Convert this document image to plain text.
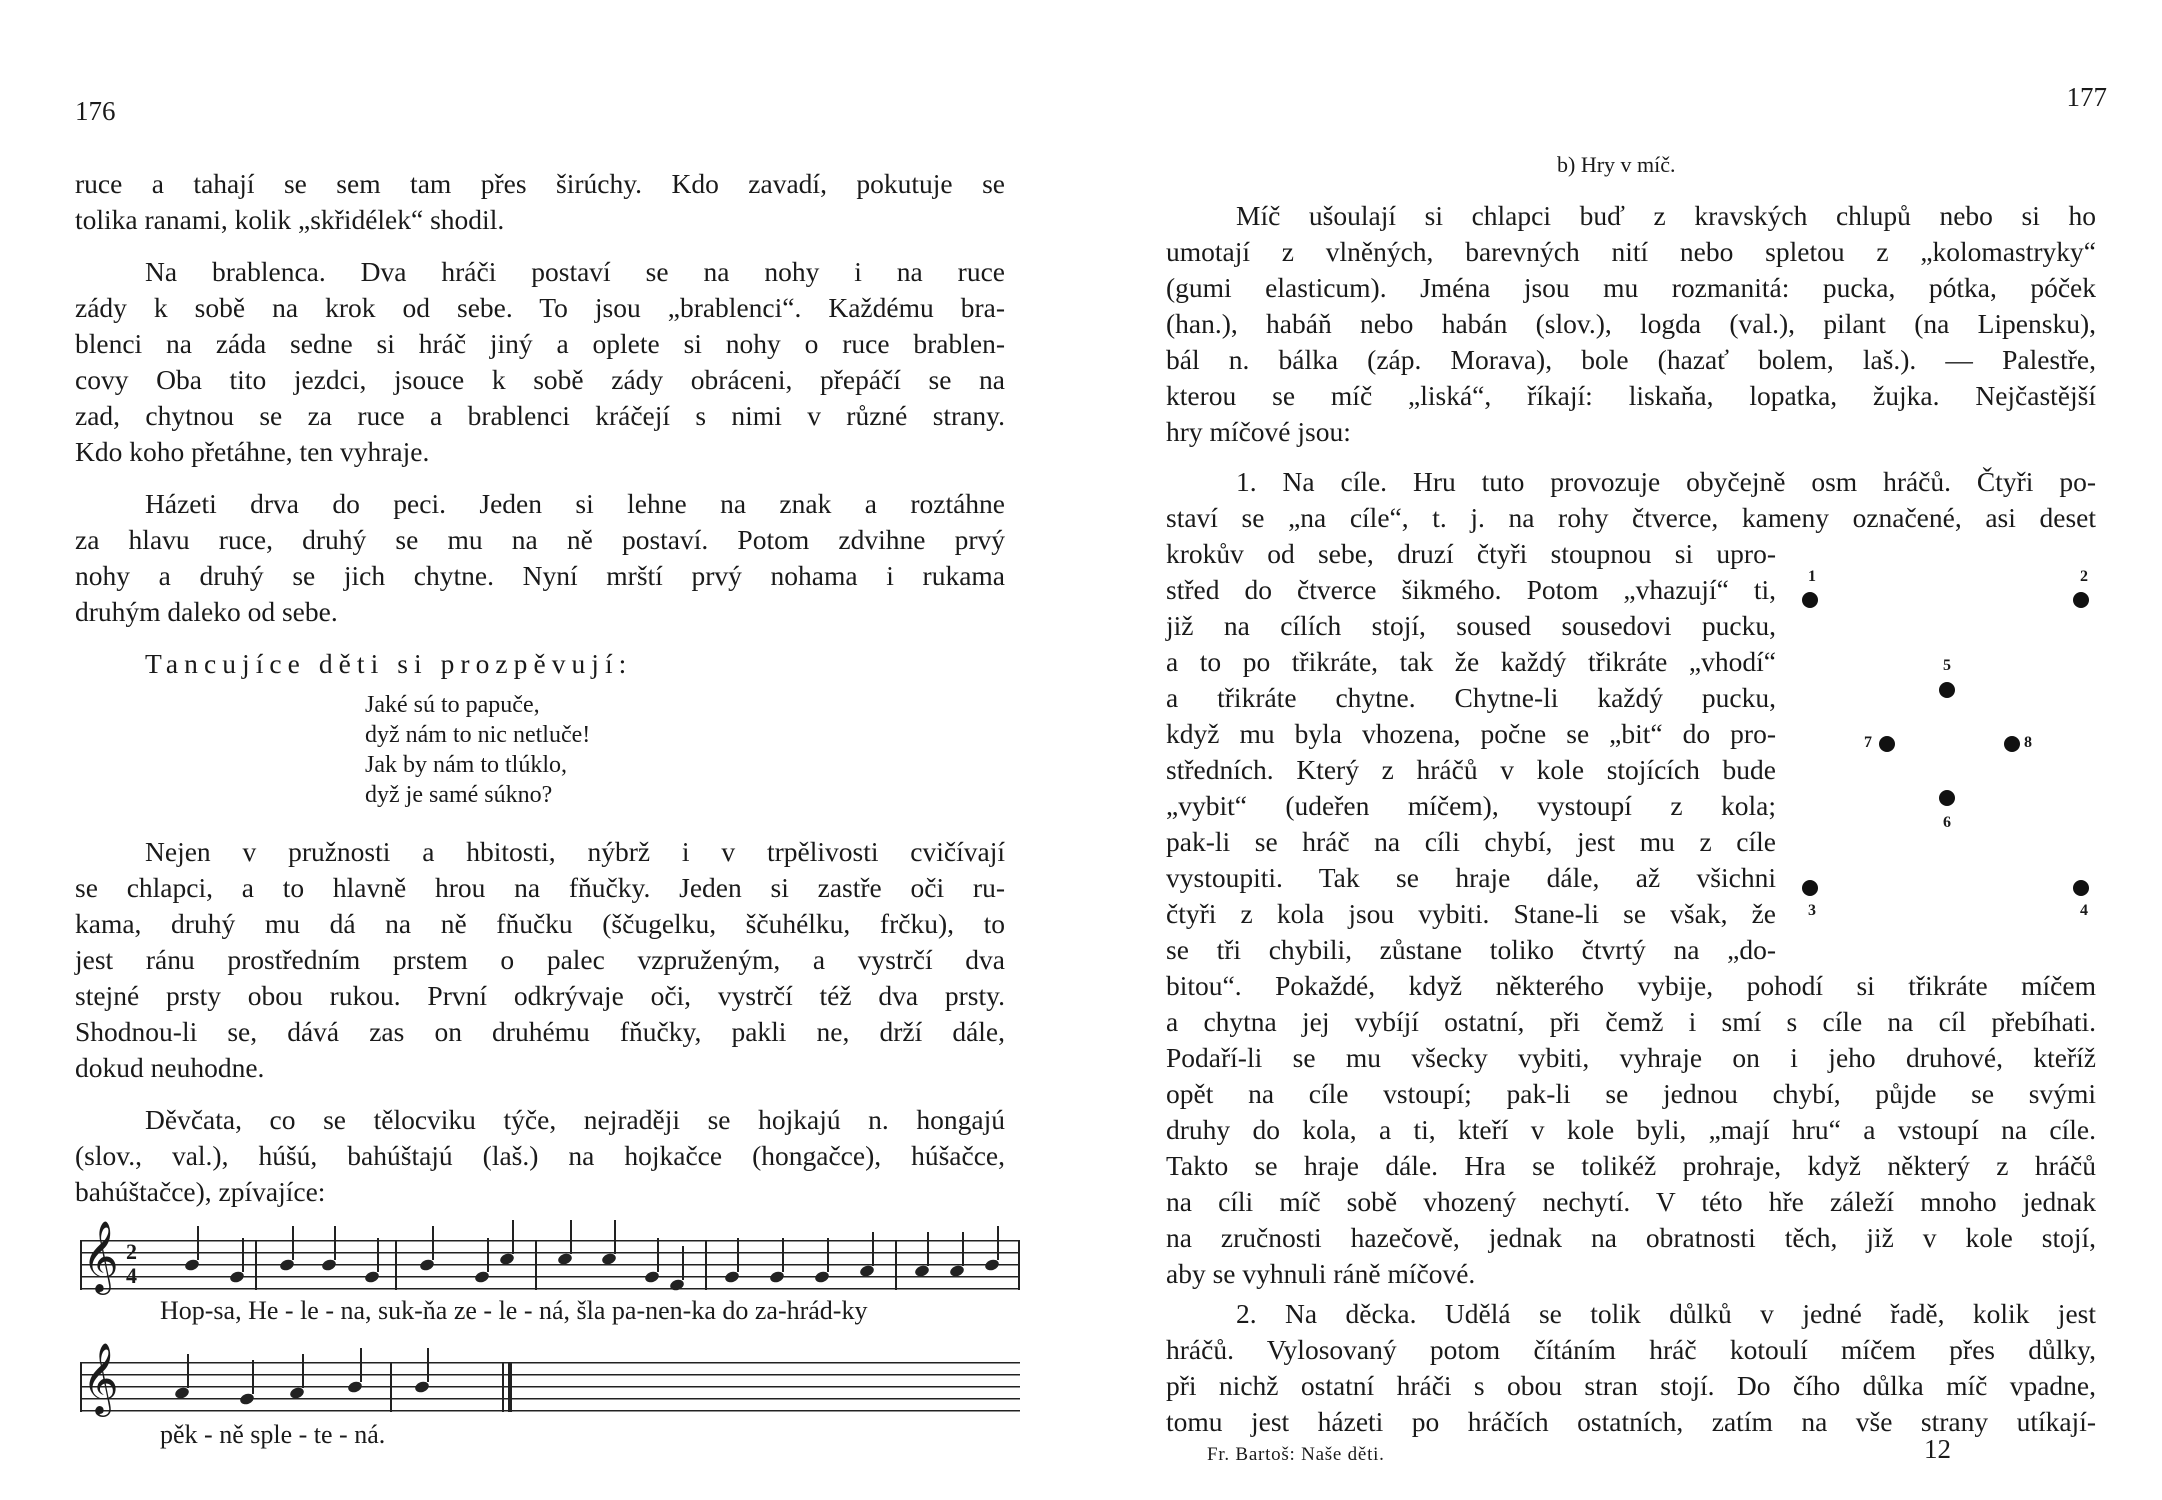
176
ruce a tahají se sem tam přes širúchy. Kdo zavadí, pokutuje se
tolika ranami, kolik „skřidélek“ shodil.
Na brablenca. Dva hráči postaví se na nohy i na ruce
zády k sobě na krok od sebe. To jsou „brablenci“. Každému bra-
blenci na záda sedne si hráč jiný a oplete si nohy o ruce brablen-
covy Oba tito jezdci, jsouce k sobě zády obráceni, přepáčí se na
zad, chytnou se za ruce a brablenci kráčejí s nimi v různé strany.
Kdo koho přetáhne, ten vyhraje.
Házeti drva do peci. Jeden si lehne na znak a roztáhne
za hlavu ruce, druhý se mu na ně postaví. Potom zdvihne prvý
nohy a druhý se jich chytne. Nyní mrští prvý nohama i rukama
druhým daleko od sebe.
Tancujíce děti si prozpěvují:
Jaké sú to papuče,
dyž nám to nic netluče!
Jak by nám to tlúklo,
dyž je samé súkno?
Nejen v pružnosti a hbitosti, nýbrž i v trpělivosti cvičívají
se chlapci, a to hlavně hrou na fňučky. Jeden si zastře oči ru-
kama, druhý mu dá na ně fňučku (ščugelku, ščuhélku, frčku), to
jest ránu prostředním prstem o palec vzpruženým, a vystrčí dva
stejné prsty obou rukou. První odkrývaje oči, vystrčí též dva prsty.
Shodnou-li se, dává zas on druhému fňučky, pakli ne, drží dále,
dokud neuhodne.
Děvčata, co se tělocviku týče, nejraději se hojkajú n. hongajú
(slov., val.), húšú, bahúštajú (laš.) na hojkačce (hongačce), húšačce,
bahúštačce), zpívajíce:
𝄞 2
4
Hop-sa, He - le - na, suk-ňa ze - le - ná, šla pa-nen-ka do za-hrád-ky
𝄞
pěk - ně sple - te - ná.
177
b) Hry v míč.
Míč ušoulají si chlapci buď z kravských chlupů nebo si ho
umotají z vlněných, barevných nití nebo spletou z „kolomastryky“
(gumi elasticum). Jména jsou mu rozmanitá: pucka, pótka, póček
(han.), habáň nebo habán (slov.), logda (val.), pilant (na Lipensku),
bál n. bálka (záp. Morava), bole (hazať bolem, laš.). — Palestře,
kterou se míč „liská“, říkají: liskaňa, lopatka, žujka. Nejčastější
hry míčové jsou:
1. Na cíle. Hru tuto provozuje obyčejně osm hráčů. Čtyři po-
staví se „na cíle“, t. j. na rohy čtverce, kameny označené, asi deset
krokův od sebe, druzí čtyři stoupnou si upro-
střed do čtverce šikmého. Potom „vhazují“ ti,
již na cílích stojí, soused sousedovi pucku,
a to po třikráte, tak že každý třikráte „vhodí“
a třikráte chytne. Chytne-li každý pucku,
když mu byla vhozena, počne se „bit“ do pro-
středních. Který z hráčů v kole stojících bude
„vybit“ (udeřen míčem), vystoupí z kola;
pak-li se hráč na cíli chybí, jest mu z cíle
vystoupiti. Tak se hraje dále, až všichni
čtyři z kola jsou vybiti. Stane-li se však, že
se tři chybili, zůstane toliko čtvrtý na „do-
bitou“. Pokaždé, když některého vybije, pohodí si třikráte míčem
a chytna jej vybíjí ostatní, při čemž i smí s cíle na cíl přebíhati.
Podaří-li se mu všecky vybiti, vyhraje on i jeho druhové, kteříž
opět na cíle vstoupí; pak-li se jednou chybí, půjde se svými
druhy do kola, a ti, kteří v kole byli, „mají hru“ a vstoupí na cíle.
Takto se hraje dále. Hra se tolikéž prohraje, když některý z hráčů
na cíli míč sobě vhozený nechytí. V této hře záleží mnoho jednak
na zručnosti hazečově, jednak na obratnosti těch, již v kole stojí,
aby se vyhnuli ráně míčové.
2. Na děcka. Udělá se tolik důlků v jedné řadě, kolik jest
hráčů. Vylosovaný potom čítáním hráč kotoulí míčem přes důlky,
při nichž ostatní hráči s obou stran stojí. Do čího důlka míč vpadne,
tomu jest házeti po hráčích ostatních, zatím na vše strany utíkají-
1	2
5
7	8
6
3	4
Fr. Bartoš: Naše děti.	12
